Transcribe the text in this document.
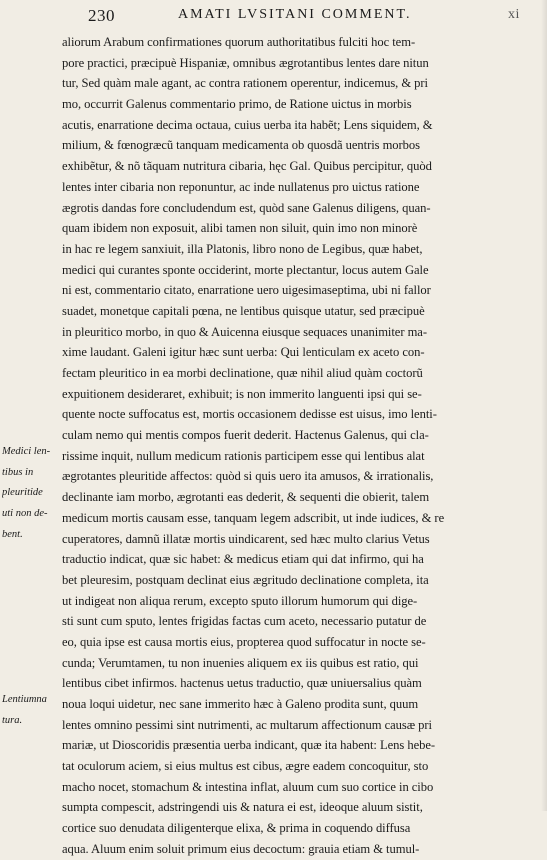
230	AMATI LVSITANI COMMENT.	xi
Medici len-
tibus in
pleuritide
uti non de-
bent.
Lentiumna
tura.
aliorum Arabum confirmationes quorum authoritatibus fulciti hoc tem-
pore practici, præcipuè Hispaniæ, omnibus ægrotantibus lentes dare nitun
tur, Sed quàm male agant, ac contra rationem operentur, indicemus, & pri
mo, occurrit Galenus commentario primo, de Ratione uictus in morbis
acutis, enarratione decima octaua, cuius uerba ita habẽt; Lens siquidem, &
milium, & fœnogræcũ tanquam medicamenta ob quosdã uentris morbos
exhibẽtur, & nõ tãquam nutritura cibaria, hęc Gal. Quibus percipitur, quòd
lentes inter cibaria non reponuntur, ac inde nullatenus pro uictus ratione
ægrotis dandas fore concludendum est, quòd sane Galenus diligens, quan-
quam ibidem non exposuit, alibi tamen non siluit, quin imo non minorè
in hac re legem sanxiuit, illa Platonis, libro nono de Legibus, quæ habet,
medici qui curantes sponte occiderint, morte plectantur, locus autem Gale
ni est, commentario citato, enarratione uero uigesimaseptima, ubi ni fallor
suadet, monetque capitali pœna, ne lentibus quisque utatur, sed præcipuè
in pleuritico morbo, in quo & Auicenna eiusque sequaces unanimiter ma-
xime laudant. Galeni igitur hæc sunt uerba: Qui lenticulam ex aceto con-
fectam pleuritico in ea morbi declinatione, quæ nihil aliud quàm coctorũ
expuitionem desideraret, exhibuit; is non immerito languenti ipsi qui se-
quente nocte suffocatus est, mortis occasionem dedisse est uisus, imo lenti-
culam nemo qui mentis compos fuerit dederit. Hactenus Galenus, qui cla-
rissime inquit, nullum medicum rationis participem esse qui lentibus alat
ægrotantes pleuritide affectos: quòd si quis uero ita amusos, & irrationalis,
declinante iam morbo, ægrotanti eas dederit, & sequenti die obierit, talem
medicum mortis causam esse, tanquam legem adscribit, ut inde iudices, & re
cuperatores, damnũ illatæ mortis uindicarent, sed hæc multo clarius Vetus
traductio indicat, quæ sic habet: & medicus etiam qui dat infirmo, qui ha
bet pleuresim, postquam declinat eius ægritudo declinatione completa, ita
ut indigeat non aliqua rerum, excepto sputo illorum humorum qui dige-
sti sunt cum sputo, lentes frigidas factas cum aceto, necessario putatur de
eo, quia ipse est causa mortis eius, propterea quod suffocatur in nocte se-
cunda; Verumtamen, tu non inuenies aliquem ex iis quibus est ratio, qui
lentibus cibet infirmos. hactenus uetus traductio, quæ uniuersalius quàm
noua loqui uidetur, nec sane immerito hæc à Galeno prodita sunt, quum
lentes omnino pessimi sint nutrimenti, ac multarum affectionum causæ pri
mariæ, ut Dioscoridis præsentia uerba indicant, quæ ita habent: Lens hebe-
tat oculorum aciem, si eius multus est cibus, ægre eadem concoquitur, sto
macho nocet, stomachum & intestina inflat, aluum cum suo cortice in cibo
sumpta compescit, adstringendi uis & natura ei est, ideoque aluum sistit,
cortice suo denudata diligenterque elixa, & prima in coquendo diffusa
aqua. Aluum enim soluit primum eius decoctum: grauia etiam & tumul-
